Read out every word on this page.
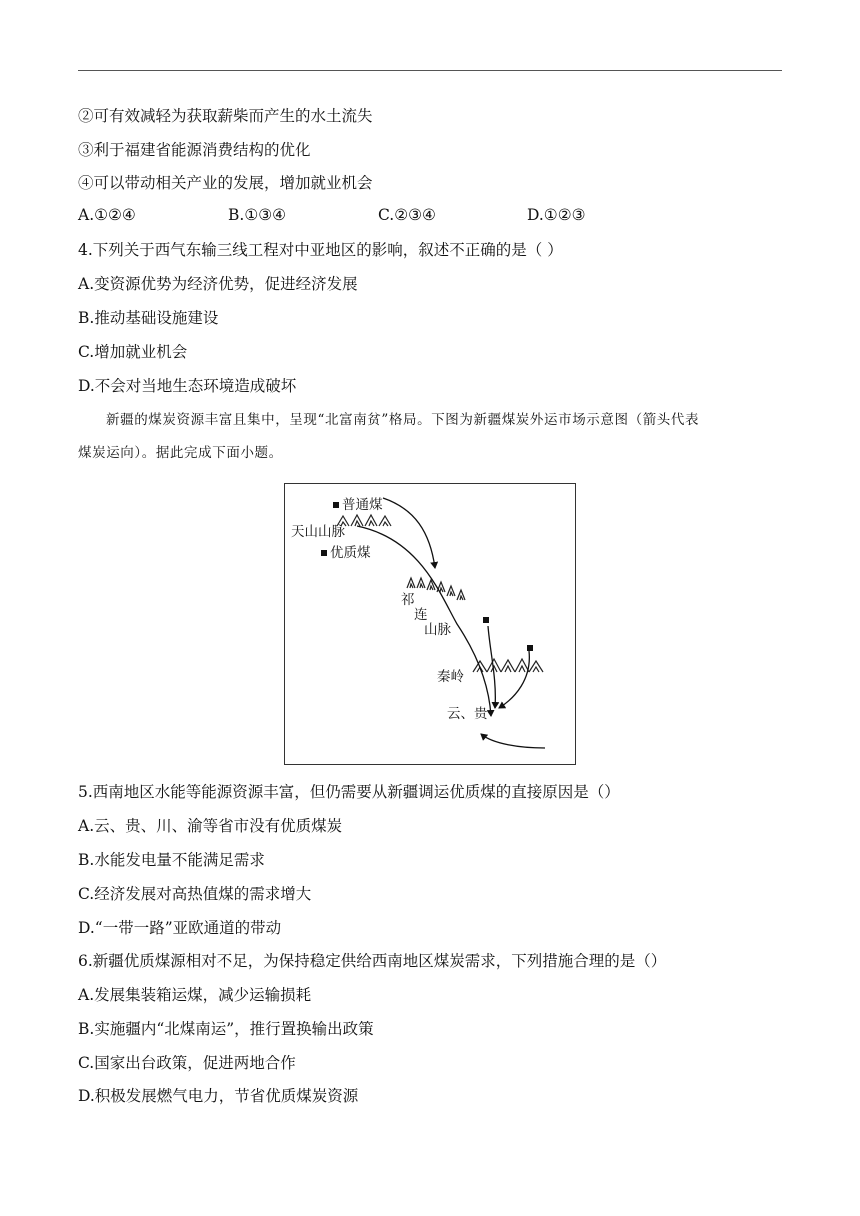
②可有效减轻为获取薪柴而产生的水土流失
③利于福建省能源消费结构的优化
④可以带动相关产业的发展，增加就业机会
A.①②④	B.①③④	C.②③④	D.①②③
4.下列关于西气东输三线工程对中亚地区的影响，叙述不正确的是（ ）
A.变资源优势为经济优势，促进经济发展
B.推动基础设施建设
C.增加就业机会
D.不会对当地生态环境造成破坏
新疆的煤炭资源丰富且集中，呈现“北富南贫”格局。下图为新疆煤炭外运市场示意图（箭头代表
煤炭运向）。据此完成下面小题。
普通煤
天山山脉
优质煤
祁
连
山脉
秦岭
云、贵
5.西南地区水能等能源资源丰富，但仍需要从新疆调运优质煤的直接原因是（）
A.云、贵、川、渝等省市没有优质煤炭
B.水能发电量不能满足需求
C.经济发展对高热值煤的需求增大
D.“一带一路”亚欧通道的带动
6.新疆优质煤源相对不足，为保持稳定供给西南地区煤炭需求，下列措施合理的是（）
A.发展集装箱运煤，减少运输损耗
B.实施疆内“北煤南运”，推行置换输出政策
C.国家出台政策，促进两地合作
D.积极发展燃气电力，节省优质煤炭资源
